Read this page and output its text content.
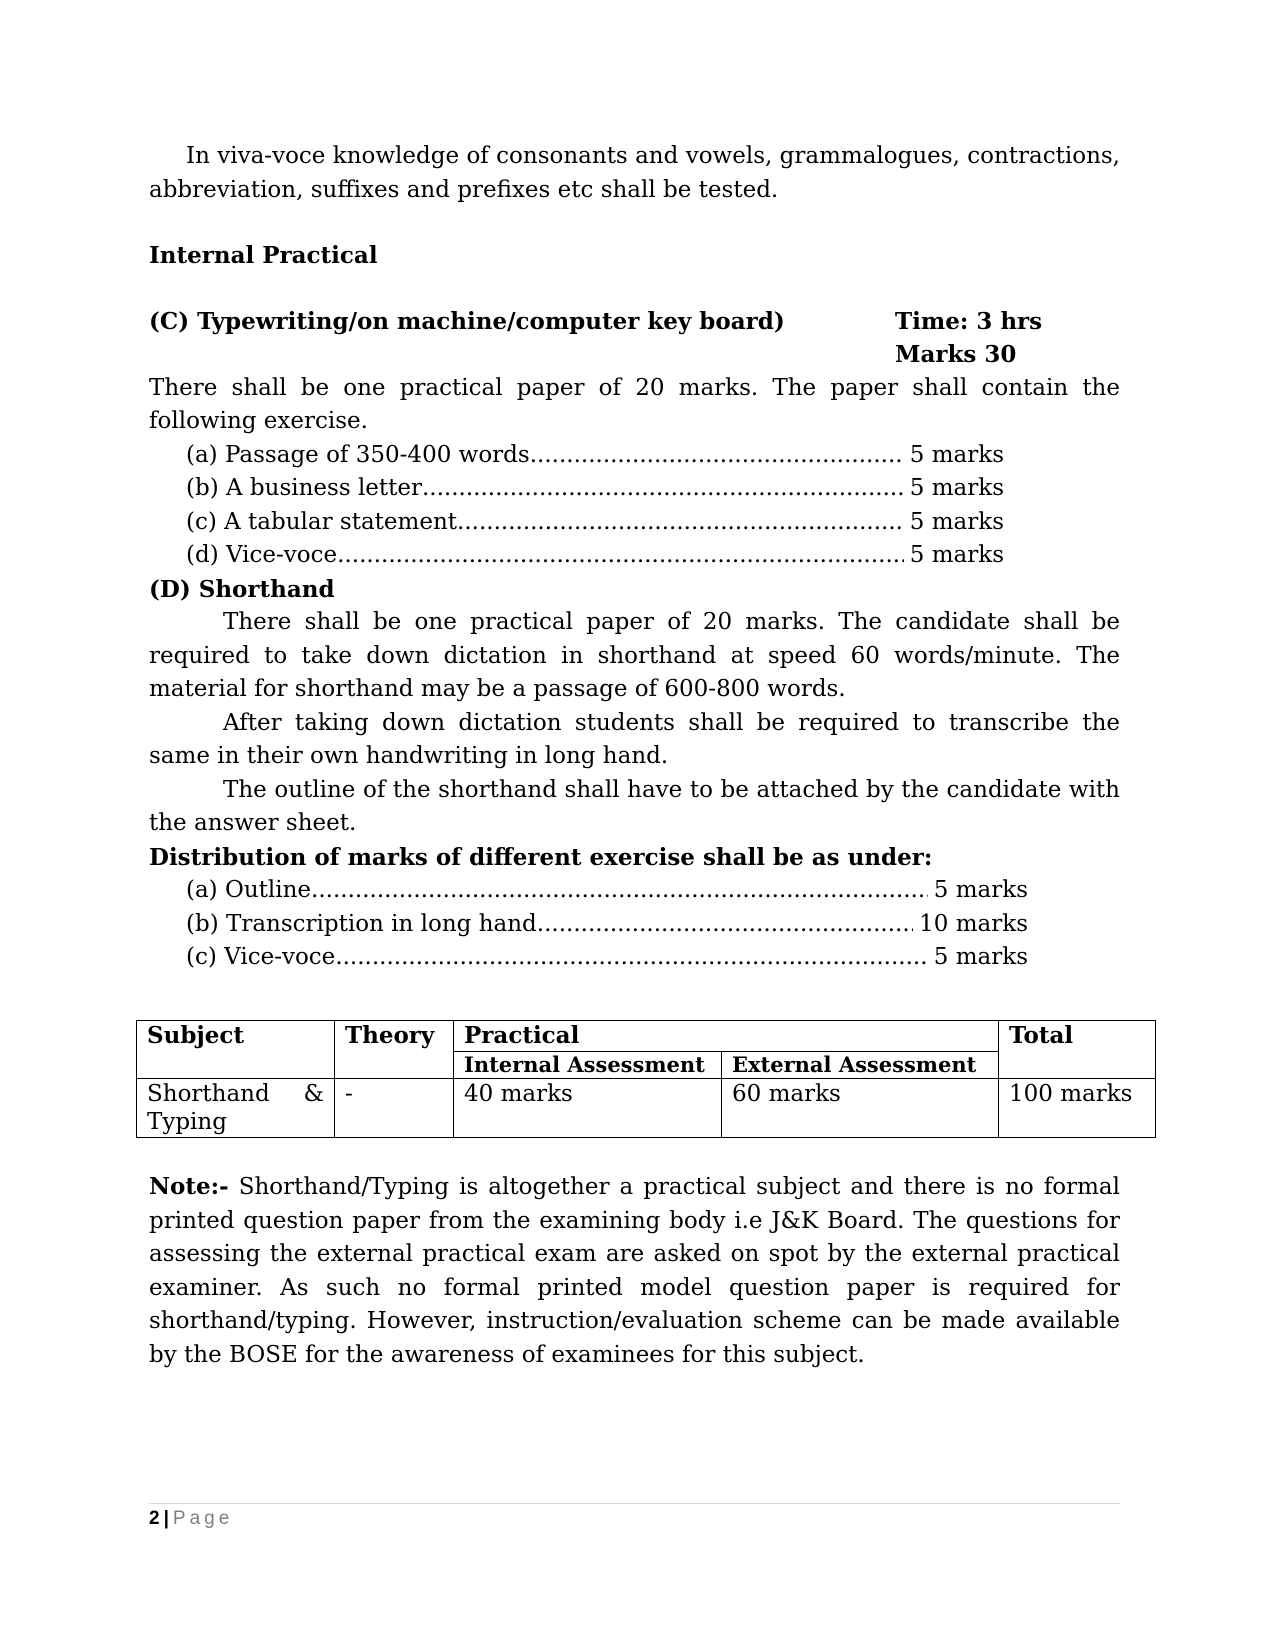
In viva-voce knowledge of consonants and vowels, grammalogues, contractions, abbreviation, suffixes and prefixes etc shall be tested.

Internal Practical

(C) Typewriting/on machine/computer key board)	Time: 3 hrs
Marks 30

There shall be one practical paper of 20 marks. The paper shall contain the following exercise.

(a) Passage of 350-400 words .....	5 marks
(b) A business letter .....	5 marks
(c) A tabular statement .....	5 marks
(d) Vice-voce .....	5 marks

(D) Shorthand

There shall be one practical paper of 20 marks. The candidate shall be required to take down dictation in shorthand at speed 60 words/minute. The material for shorthand may be a passage of 600-800 words.

After taking down dictation students shall be required to transcribe the same in their own handwriting in long hand.

The outline of the shorthand shall have to be attached by the candidate with the answer sheet.

Distribution of marks of different exercise shall be as under:

(a) Outline .....	5 marks
(b) Transcription in long hand .....	10 marks
(c) Vice-voce .....	5 marks
Subject	Theory	Practical		Total
		Internal Assessment	External Assessment	
Shorthand & Typing	-	40 marks	60 marks	100 marks

Note:- Shorthand/Typing is altogether a practical subject and there is no formal printed question paper from the examining body i.e J&K Board. The questions for assessing the external practical exam are asked on spot by the external practical examiner. As such no formal printed model question paper is required for shorthand/typing. However, instruction/evaluation scheme can be made available by the BOSE for the awareness of examinees for this subject.

2 | Page
